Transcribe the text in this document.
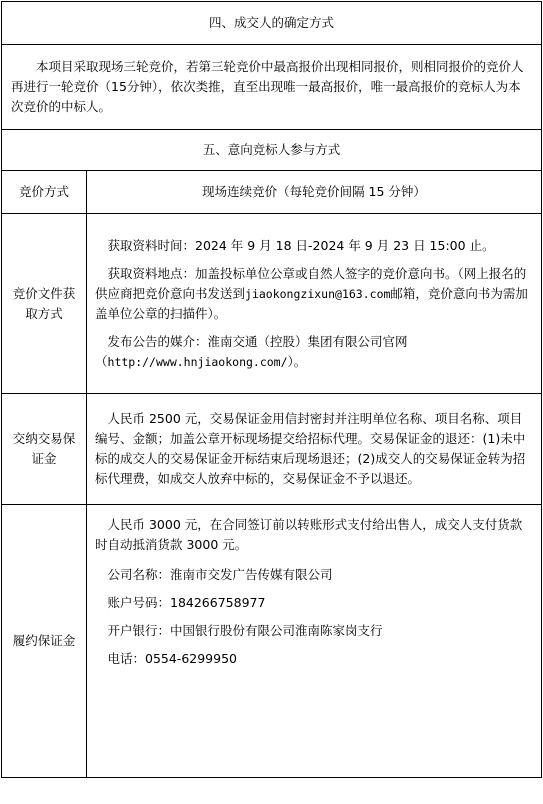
四、成交人的确定方式	

本项目采取现场三轮竞价，若第三轮竞价中最高报价出现相同报价，则相同报价的竞价人再进行一轮竞价（15分钟），依次类推，直至出现唯一最高报价，唯一最高报价的竞标人为本次竞价的中标人。	

五、意向竞标人参与方式	
竞价方式	现场连续竞价（每轮竞价间隔 15 分钟）
竞价文件获取方式	获取资料时间：2024 年 9 月 18 日-2024 年 9 月 23 日 15:00 止。

获取资料地点：加盖投标单位公章或自然人签字的竞价意向书。（网上报名的供应商把竞价意向书发送到jiaokongzixun@163.com邮箱，竞价意向书为需加盖单位公章的扫描件）。

发布公告的媒介：淮南交通（控股）集团有限公司官网（http://www.hnjiaokong.com/）。

交纳交易保证金	人民币 2500 元，交易保证金用信封密封并注明单位名称、项目名称、项目编号、金额；加盖公章开标现场提交给招标代理。交易保证金的退还：(1)未中标的成交人的交易保证金开标结束后现场退还；(2)成交人的交易保证金转为招标代理费，如成交人放弃中标的，交易保证金不予以退还。

履约保证金	人民币 3000 元，在合同签订前以转账形式支付给出售人，成交人支付货款时自动抵消货款 3000 元。

公司名称：淮南市交发广告传媒有限公司

账户号码：184266758977

开户银行：中国银行股份有限公司淮南陈家岗支行

电话：0554-6299950
